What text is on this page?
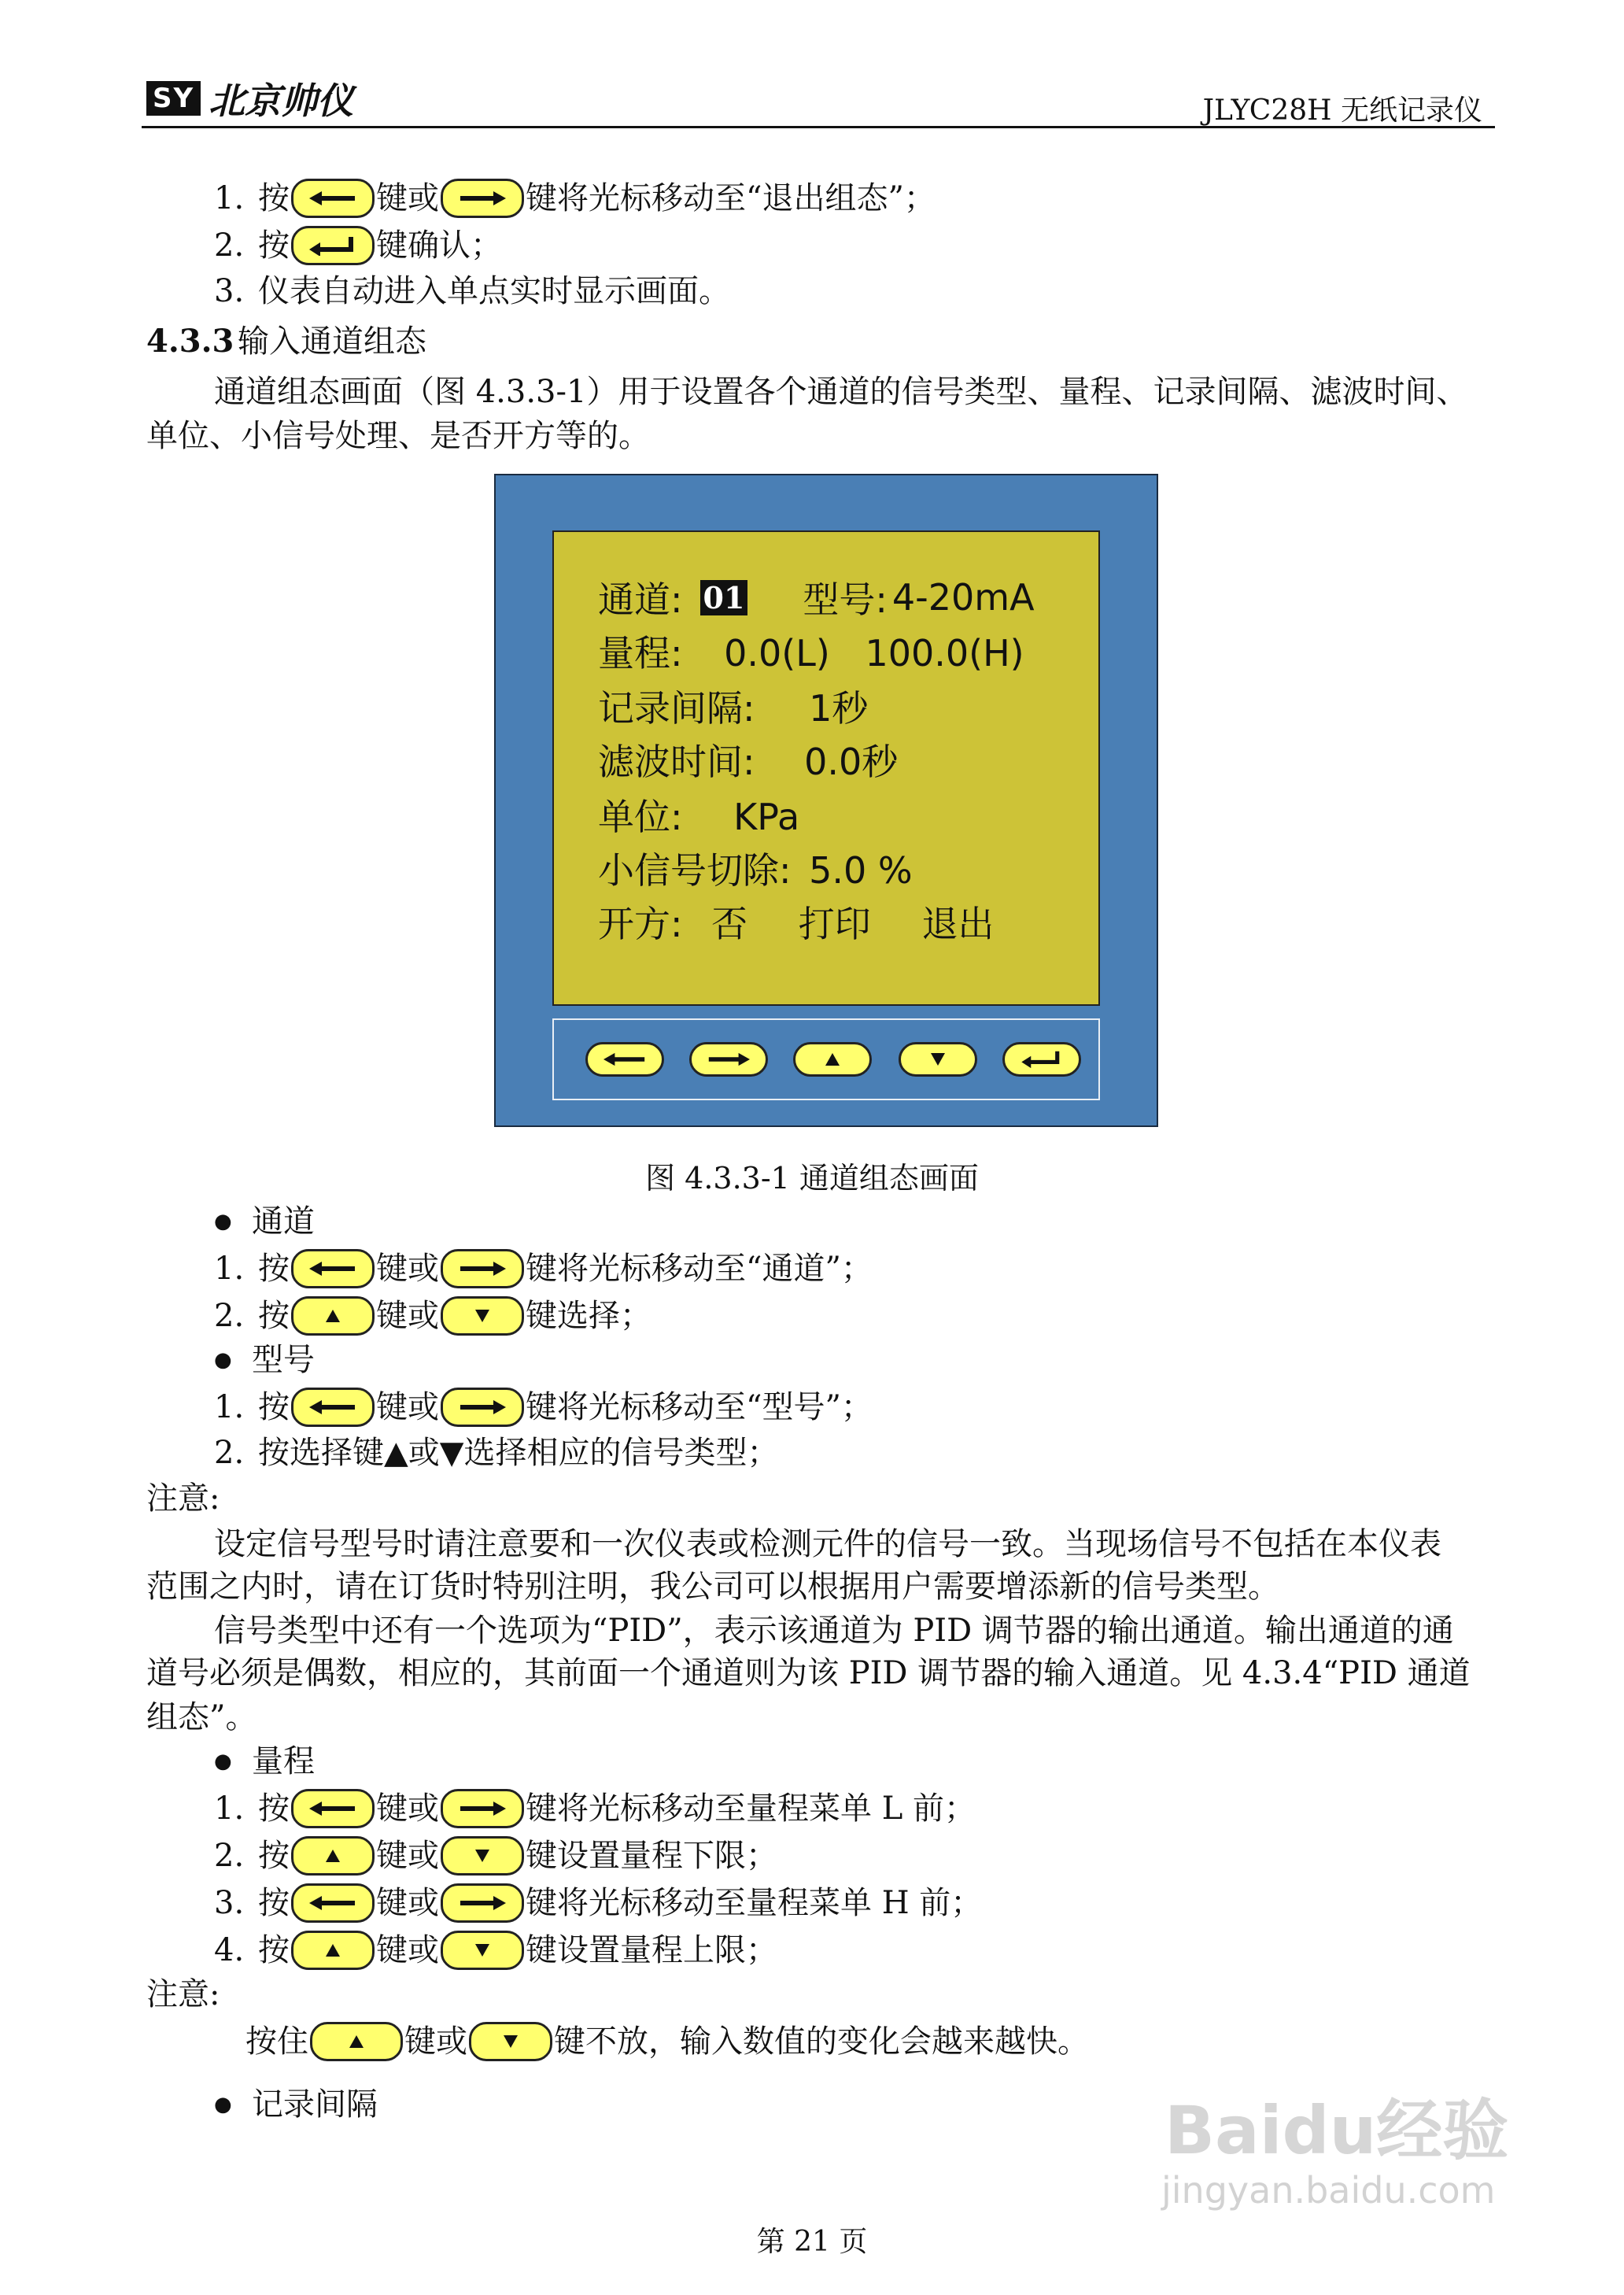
SY 北京帅仪	JLYC28H 无纸记录仪
1. 按	键或	键将光标移动至“退出组态”；
2. 按	键确认；
3. 仪表自动进入单点实时显示画面。
4.3.3 输入通道组态
通道组态画面（图 4.3.3-1）用于设置各个通道的信号类型、量程、记录间隔、滤波时间、
单位、小信号处理、是否开方等的。
通道: 01 型号: 4-20mA
量程: 0.0(L) 100.0(H)
记录间隔: 1秒
滤波时间: 0.0秒
单位: KPa
小信号切除: 5.0 %
开方: 否 打印 退出
图 4.3.3-1 通道组态画面
● 通道
1. 按	键或	键将光标移动至“通道”；
2. 按	键或	键选择；
● 型号
1. 按	键或	键将光标移动至“型号”；
2. 按选择键▲或▼选择相应的信号类型；
注意:
设定信号型号时请注意要和一次仪表或检测元件的信号一致。当现场信号不包括在本仪表
范围之内时，请在订货时特别注明，我公司可以根据用户需要增添新的信号类型。
信号类型中还有一个选项为“PID”，表示该通道为 PID 调节器的输出通道。输出通道的通
道号必须是偶数，相应的，其前面一个通道则为该 PID 调节器的输入通道。见 4.3.4“PID 通道
组态”。
● 量程
1. 按	键或	键将光标移动至量程菜单 L 前；
2. 按	键或	键设置量程下限；
3. 按	键或	键将光标移动至量程菜单 H 前；
4. 按	键或	键设置量程上限；
注意:
按住	键或	键不放，输入数值的变化会越来越快。
● 记录间隔	Baidu经验
jingyan.baidu.com
第 21 页
